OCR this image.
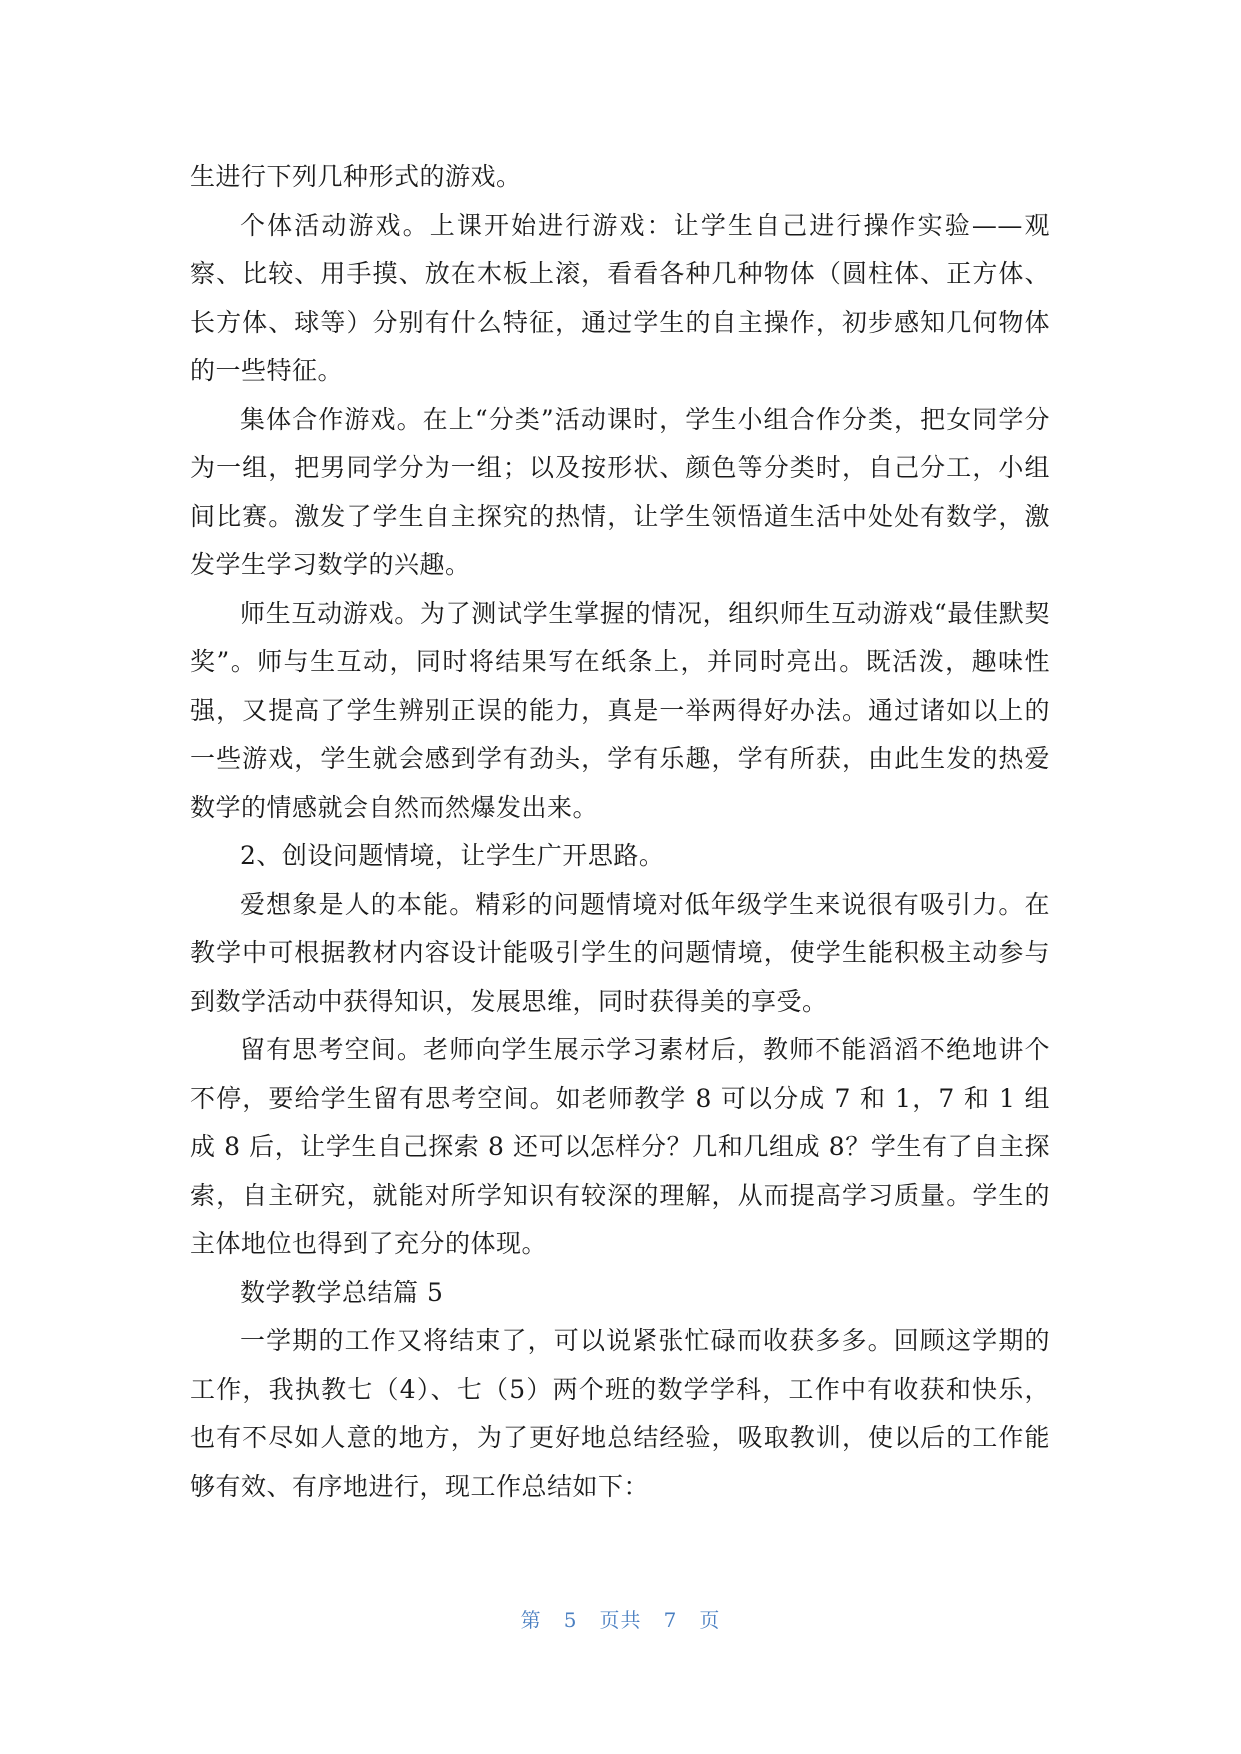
生进行下列几种形式的游戏。

个体活动游戏。上课开始进行游戏：让学生自己进行操作实验——观察、比较、用手摸、放在木板上滚，看看各种几种物体（圆柱体、正方体、长方体、球等）分别有什么特征，通过学生的自主操作，初步感知几何物体的一些特征。

集体合作游戏。在上“分类”活动课时，学生小组合作分类，把女同学分为一组，把男同学分为一组；以及按形状、颜色等分类时，自己分工，小组间比赛。激发了学生自主探究的热情，让学生领悟道生活中处处有数学，激发学生学习数学的兴趣。

师生互动游戏。为了测试学生掌握的情况，组织师生互动游戏“最佳默契奖”。师与生互动，同时将结果写在纸条上，并同时亮出。既活泼，趣味性强，又提高了学生辨别正误的能力，真是一举两得好办法。通过诸如以上的一些游戏，学生就会感到学有劲头，学有乐趣，学有所获，由此生发的热爱数学的情感就会自然而然爆发出来。

2、创设问题情境，让学生广开思路。

爱想象是人的本能。精彩的问题情境对低年级学生来说很有吸引力。在教学中可根据教材内容设计能吸引学生的问题情境，使学生能积极主动参与到数学活动中获得知识，发展思维，同时获得美的享受。

留有思考空间。老师向学生展示学习素材后，教师不能滔滔不绝地讲个不停，要给学生留有思考空间。如老师教学 8 可以分成 7 和 1，7 和 1 组成 8 后，让学生自己探索 8 还可以怎样分？几和几组成 8？学生有了自主探索，自主研究，就能对所学知识有较深的理解，从而提高学习质量。学生的主体地位也得到了充分的体现。

数学教学总结篇 5

一学期的工作又将结束了，可以说紧张忙碌而收获多多。回顾这学期的工作，我执教七（4）、七（5）两个班的数学学科，工作中有收获和快乐，也有不尽如人意的地方，为了更好地总结经验，吸取教训，使以后的工作能够有效、有序地进行，现工作总结如下：

第 5 页共 7 页
